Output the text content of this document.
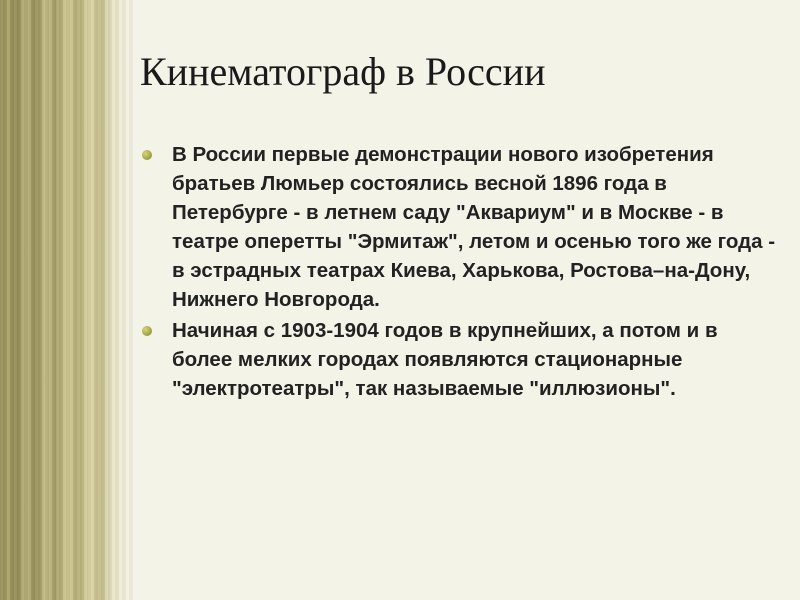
Кинематограф в России
В России первые демонстрации нового изобретения братьев Люмьер состоялись весной 1896 года в Петербурге - в летнем саду "Аквариум" и в Москве - в театре оперетты "Эрмитаж", летом и осенью того же года - в эстрадных театрах Киева, Харькова, Ростова–на-Дону, Нижнего Новгорода.
Начиная с 1903-1904 годов в крупнейших, а потом и в более мелких городах появляются стационарные "электротеатры", так называемые "иллюзионы".
